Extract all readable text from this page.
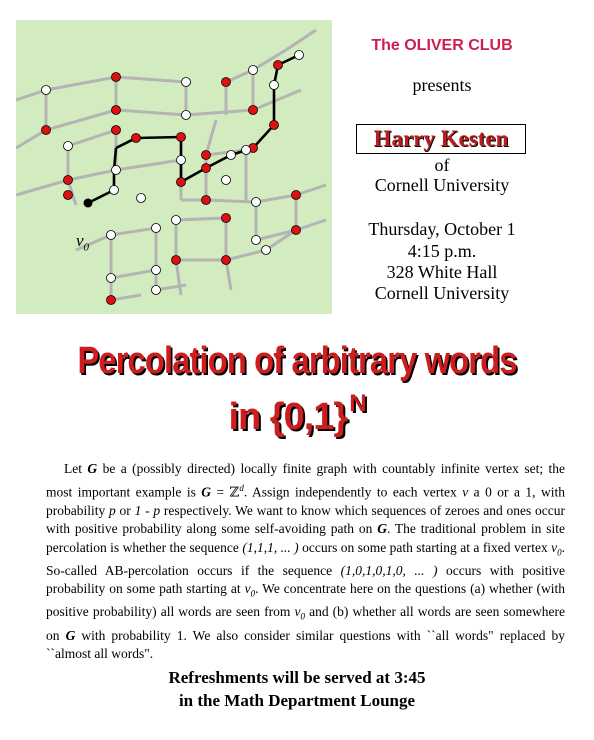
$v_0$
The OLIVER CLUB
presents
Harry Kesten
of
Cornell University
Thursday, October 1
4:15 p.m.
328 White Hall
Cornell University
Percolation of arbitrary words
in $\{0,1\}^N$
Let G be a (possibly directed) locally finite graph with countably infinite vertex set; the most important example is G = ℤ$^d$. Assign independently to each vertex v a 0 or a 1, with probability p or 1 - p respectively. We want to know which sequences of zeroes and ones occur with positive probability along some self-avoiding path on G. The traditional problem in site percolation is whether the sequence (1,1,1, ... ) occurs on some path starting at a fixed vertex $v_0$. So-called AB-percolation occurs if the sequence (1,0,1,0,1,0, ... ) occurs with positive probability on some path starting at $v_0$. We concentrate here on the questions (a) whether (with positive probability) all words are seen from $v_0$ and (b) whether all words are seen somewhere on G with probability 1. We also consider similar questions with ``all words" replaced by ``almost all words".
Refreshments will be served at 3:45
in the Math Department Lounge
